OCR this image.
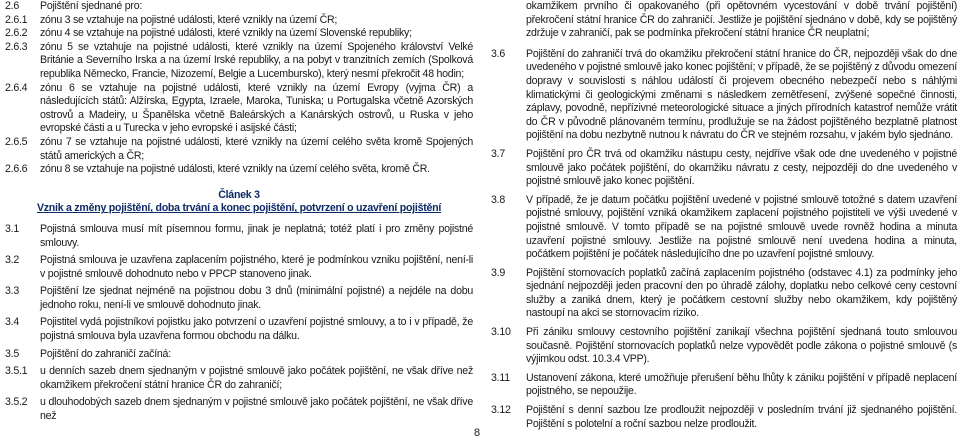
2.6	Pojištění sjednané pro:
2.6.1	zónu 3 se vztahuje na pojistné události, které vznikly na území ČR;
2.6.2	zónu 4 se vztahuje na pojistné události, které vznikly na území Slovenské republiky;
2.6.3	zónu 5 se vztahuje na pojistné události, které vznikly na území Spojeného království Velké Británie a Severního Irska a na území Irské republiky, a na pobyt v tranzitních zemích (Spolková republika Německo, Francie, Nizozemí, Belgie a Lucembursko), který nesmí překročit 48 hodin;
2.6.4	zónu 6 se vztahuje na pojistné události, které vznikly na území Evropy (vyjma ČR) a následujících států: Alžírska, Egypta, Izraele, Maroka, Tuniska; u Portugalska včetně Azorských ostrovů a Madeiry, u Španělska včetně Baleárských a Kanárských ostrovů, u Ruska v jeho evropské části a u Turecka v jeho evropské i asijské části;
2.6.5	zónu 7 se vztahuje na pojistné události, které vznikly na území celého světa kromě Spojených států amerických a ČR;
2.6.6	zónu 8 se vztahuje na pojistné události, které vznikly na území celého světa, kromě ČR.
Článek 3
Vznik a změny pojištění, doba trvání a konec pojištění, potvrzení o uzavření pojištění
3.1	Pojistná smlouva musí mít písemnou formu, jinak je neplatná; totéž platí i pro změny pojistné smlouvy.
3.2	Pojistná smlouva je uzavřena zaplacením pojistného, které je podmínkou vzniku pojištění, není-li v pojistné smlouvě dohodnuto nebo v PPCP stanoveno jinak.
3.3	Pojištění lze sjednat nejméně na pojistnou dobu 3 dnů (minimální pojistné) a nejdéle na dobu jednoho roku, není-li ve smlouvě dohodnuto jinak.
3.4	Pojistitel vydá pojistníkovi pojistku jako potvrzení o uzavření pojistné smlouvy, a to i v případě, že pojistná smlouva byla uzavřena formou obchodu na dálku.
3.5	Pojištění do zahraničí začíná:
3.5.1	u denních sazeb dnem sjednaným v pojistné smlouvě jako počátek pojištění, ne však dříve než okamžikem překročení státní hranice ČR do zahraničí;
3.5.2	u dlouhodobých sazeb dnem sjednaným v pojistné smlouvě jako počátek pojištění, ne však dříve než
okamžikem prvního či opakovaného (při opětovném vycestování v době trvání pojištění) překročení státní hranice ČR do zahraničí. Jestliže je pojištění sjednáno v době, kdy se pojištěný zdržuje v zahraničí, pak se podmínka překročení státní hranice ČR neuplatní;
3.6	Pojištění do zahraničí trvá do okamžiku překročení státní hranice do ČR, nejpozději však do dne uvedeného v pojistné smlouvě jako konec pojištění; v případě, že se pojištěný z důvodu omezení dopravy v souvislosti s náhlou událostí či projevem obecného nebezpečí nebo s náhlými klimatickými či geologickými změnami s následkem zemětřesení, zvýšené sopečné činnosti, záplavy, povodně, nepřízivné meteorologické situace a jiných přírodních katastrof nemůže vrátit do ČR v původně plánovaném termínu, prodlužuje se na žádost pojištěného bezplatně platnost pojištění na dobu nezbytně nutnou k návratu do ČR ve stejném rozsahu, v jakém bylo sjednáno.
3.7	Pojištění pro ČR trvá od okamžiku nástupu cesty, nejdříve však ode dne uvedeného v pojistné smlouvě jako počátek pojištění, do okamžiku návratu z cesty, nejpozději do dne uvedeného v pojistné smlouvě jako konec pojištění.
3.8	V případě, že je datum počátku pojištění uvedené v pojistné smlouvě totožné s datem uzavření pojistné smlouvy, pojištění vzniká okamžikem zaplacení pojistného pojistiteli ve výši uvedené v pojistné smlouvě. V tomto případě se na pojistné smlouvě uvede rovněž hodina a minuta uzavření pojistné smlouvy. Jestliže na pojistné smlouvě není uvedena hodina a minuta, počátkem pojištění je počátek následujícího dne po uzavření pojistné smlouvy.
3.9	Pojištění stornovacích poplatků začíná zaplacením pojistného (odstavec 4.1) za podmínky jeho sjednání nejpozději jeden pracovní den po úhradě zálohy, doplatku nebo celkové ceny cestovní služby a zaniká dnem, který je počátkem cestovní služby nebo okamžikem, kdy pojištěný nastoupí na akci se stornovacím riziko.
3.10	Při zániku smlouvy cestovního pojištění zanikají všechna pojištění sjednaná touto smlouvou současně. Pojištění stornovacích poplatků nelze vypovědět podle zákona o pojistné smlouvě (s výjimkou odst. 10.3.4 VPP).
3.11	Ustanovení zákona, které umožňuje přerušení běhu lhůty k zániku pojištění v případě neplacení pojistného, se nepoužije.
3.12	Pojištění s denní sazbou lze prodloužit nejpozději v posledním trvání již sjednaného pojištění. Pojištění s polotelní a roční sazbou nelze prodloužit.
8
